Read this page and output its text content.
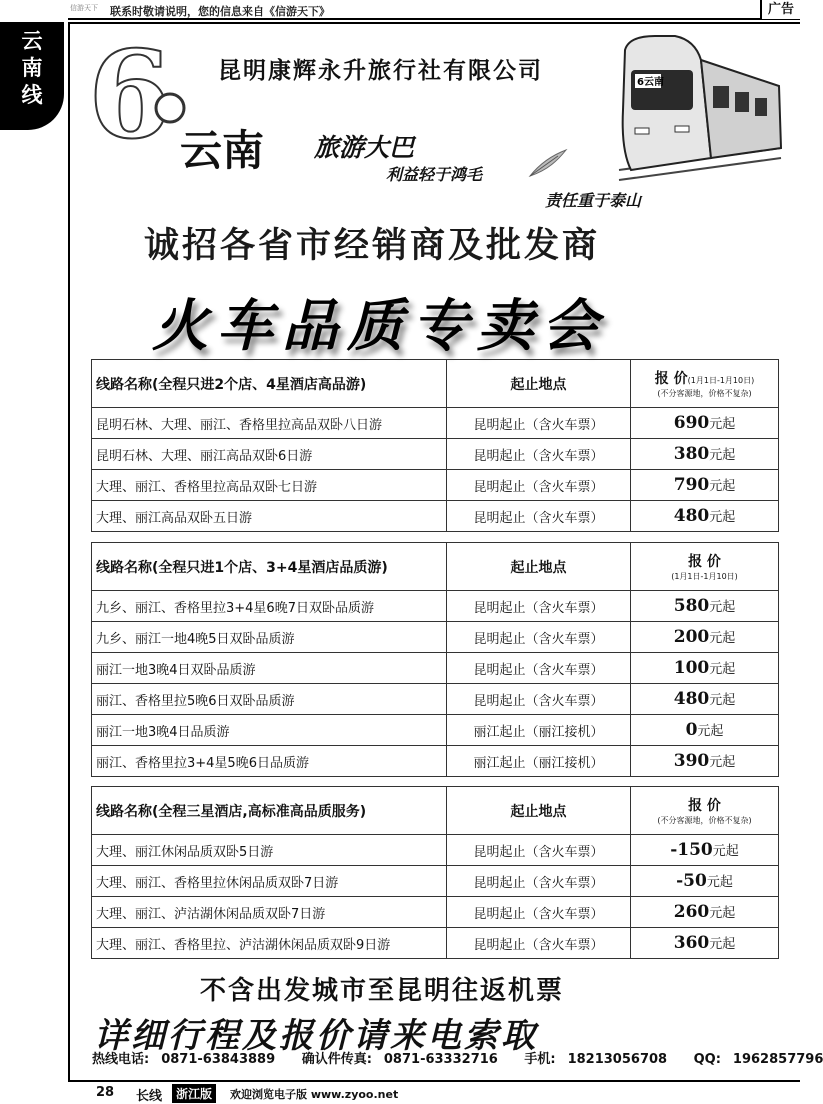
信游天下 联系时敬请说明，您的信息来自《信游天下》	广告
云
南
线 6	昆明康辉永升旅行社有限公司
云南 旅游大巴
利益轻于鸿毛
责任重于泰山
6云南
诚招各省市经销商及批发商
火车品质专卖会
线路名称(全程只进2个店、4星酒店高品游)	起止地点	报 价(1月1日-1月10日)
(不分客源地，价格不复杂)

昆明石林、大理、丽江、香格里拉高品双卧八日游	昆明起止（含火车票）	690元起
昆明石林、大理、丽江高品双卧6日游	昆明起止（含火车票）	380元起
大理、丽江、香格里拉高品双卧七日游	昆明起止（含火车票）	790元起
大理、丽江高品双卧五日游	昆明起止（含火车票）	480元起
线路名称(全程只进1个店、3+4星酒店品质游)	起止地点	报 价
(1月1日-1月10日)

九乡、丽江、香格里拉3+4星6晚7日双卧品质游	昆明起止（含火车票）	580元起
九乡、丽江一地4晚5日双卧品质游	昆明起止（含火车票）	200元起
丽江一地3晚4日双卧品质游	昆明起止（含火车票）	100元起
丽江、香格里拉5晚6日双卧品质游	昆明起止（含火车票）	480元起
丽江一地3晚4日品质游	丽江起止（丽江接机）	0元起
丽江、香格里拉3+4星5晚6日品质游	丽江起止（丽江接机）	390元起
线路名称(全程三星酒店,高标准高品质服务)	起止地点	报 价
(不分客源地，价格不复杂)

大理、丽江休闲品质双卧5日游	昆明起止（含火车票）	-150元起
大理、丽江、香格里拉休闲品质双卧7日游	昆明起止（含火车票）	-50元起
大理、丽江、泸沽湖休闲品质双卧7日游	昆明起止（含火车票）	260元起
大理、丽江、香格里拉、泸沽湖休闲品质双卧9日游	昆明起止（含火车票）	360元起
不含出发城市至昆明往返机票
详细行程及报价请来电索取
热线电话: 0871-63843889 确认件传真: 0871-63332716 手机: 18213056708 QQ: 1962857796
28 长线	浙江版	欢迎浏览电子版 www.zyoo.net
